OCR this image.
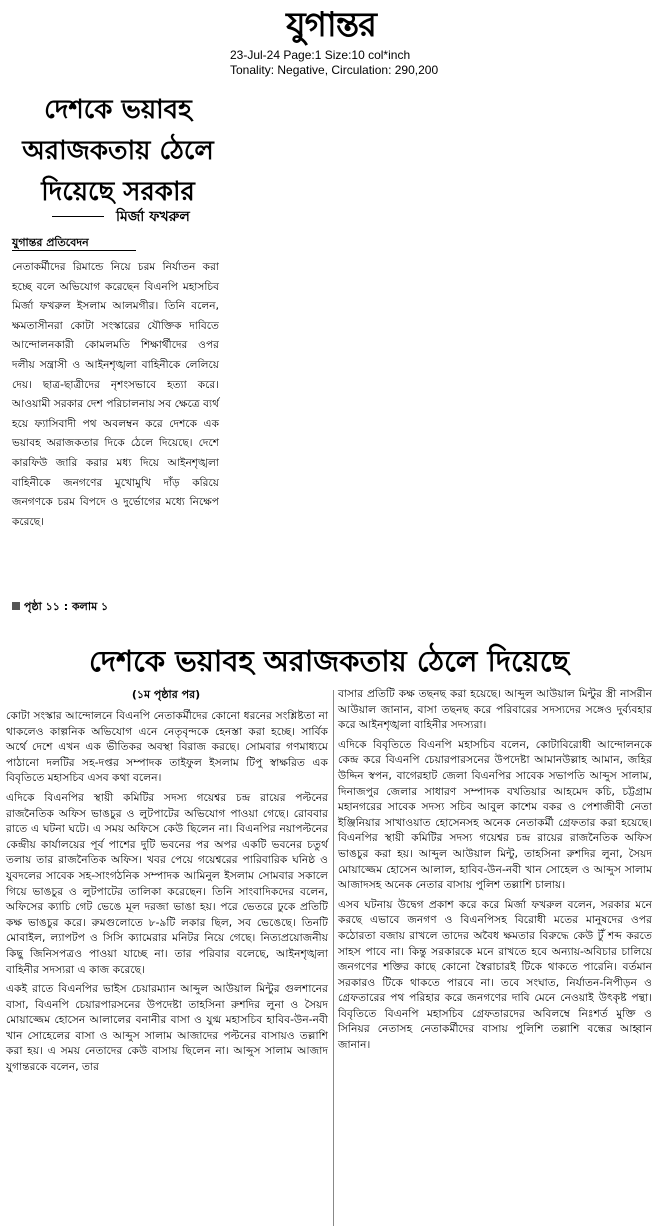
যুগান্তর
23-Jul-24 Page:1 Size:10 col*inch
Tonality: Negative, Circulation: 290,200
দেশকে ভয়াবহ
অরাজকতায় ঠেলে
দিয়েছে সরকার
মির্জা ফখরুল
যুগান্তর প্রতিবেদন
নেতাকর্মীদের রিমান্ডে নিয়ে চরম নির্যাতন করা হচ্ছে বলে অভিযোগ করেছেন বিএনপি মহাসচিব মির্জা ফখরুল ইসলাম আলমগীর। তিনি বলেন, ক্ষমতাসীনরা কোটা সংস্কারের যৌক্তিক দাবিতে আন্দোলনকারী কোমলমতি শিক্ষার্থীদের ওপর দলীয় সন্ত্রাসী ও আইনশৃঙ্খলা বাহিনীকে লেলিয়ে দেয়। ছাত্র-ছাত্রীদের নৃশংসভাবে হত্যা করে। আওয়ামী সরকার দেশ পরিচালনায় সব ক্ষেত্রে ব্যর্থ হয়ে ফ্যাসিবাদী পথ অবলম্বন করে দেশকে এক ভয়াবহ অরাজকতার দিকে ঠেলে দিয়েছে। দেশে কারফিউ জারি করার মধ্য দিয়ে আইনশৃঙ্খলা বাহিনীকে জনগণের মুখোমুখি দাঁড় করিয়ে জনগণকে চরম বিপদে ও দুর্ভোগের মধ্যে নিক্ষেপ করেছে।
পৃষ্ঠা ১১ : কলাম ১
দেশকে ভয়াবহ অরাজকতায় ঠেলে দিয়েছে
(১ম পৃষ্ঠার পর)

কোটা সংস্কার আন্দোলনে বিএনপি নেতাকর্মীদের কোনো ধরনের সংশ্লিষ্টতা না থাকলেও কাল্পনিক অভিযোগ এনে নেতৃবৃন্দকে হেনস্তা করা হচ্ছে। সার্বিক অর্থে দেশে এখন এক ভীতিকর অবস্থা বিরাজ করছে। সোমবার গণমাধ্যমে পাঠানো দলটির সহ-দপ্তর সম্পাদক তাইফুল ইসলাম টিপু স্বাক্ষরিত এক বিবৃতিতে মহাসচিব এসব কথা বলেন।

এদিকে বিএনপির স্থায়ী কমিটির সদস্য গয়েশ্বর চন্দ্র রায়ের পল্টনের রাজনৈতিক অফিস ভাঙচুর ও লুটপাটের অভিযোগ পাওয়া গেছে। রোববার রাতে এ ঘটনা ঘটে। এ সময় অফিসে কেউ ছিলেন না। বিএনপির নয়াপল্টনের কেন্দ্রীয় কার্যালয়ের পূর্ব পাশের দুটি ভবনের পর অপর একটি ভবনের চতুর্থ তলায় তার রাজনৈতিক অফিস। খবর পেয়ে গয়েশ্বরের পারিবারিক ঘনিষ্ঠ ও যুবদলের সাবেক সহ-সাংগঠনিক সম্পাদক আমিনুল ইসলাম সোমবার সকালে গিয়ে ভাঙচুর ও লুটপাটের তালিকা করেছেন। তিনি সাংবাদিকদের বলেন, অফিসের ক্যাচি গেট ভেঙে মূল দরজা ভাঙা হয়। পরে ভেতরে ঢুকে প্রতিটি কক্ষ ভাঙচুর করে। রুমগুলোতে ৮-৯টি লকার ছিল, সব ভেঙেছে। তিনটি মোবাইল, ল্যাপটপ ও সিসি ক্যামেরার মনিটর নিয়ে গেছে। নিত্যপ্রয়োজনীয় কিছু জিনিসপত্রও পাওয়া যাচ্ছে না। তার পরিবার বলেছে, আইনশৃঙ্খলা বাহিনীর সদস্যরা এ কাজ করেছে।

একই রাতে বিএনপির ভাইস চেয়ারম্যান আব্দুল আউয়াল মিন্টুর গুলশানের বাসা, বিএনপি চেয়ারপারসনের উপদেষ্টা তাহসিনা রুশদির লুনা ও সৈয়দ মোয়াজ্জেম হোসেন আলালের বনানীর বাসা ও যুগ্ম মহাসচিব হাবিব-উন-নবী খান সোহেলের বাসা ও আব্দুস সালাম আজাদের পল্টনের বাসায়ও তল্লাশি করা হয়। এ সময় নেতাদের কেউ বাসায় ছিলেন না। আব্দুস সালাম আজাদ যুগান্তরকে বলেন, তার

বাসার প্রতিটি কক্ষ তছনছ করা হয়েছে। আব্দুল আউয়াল মিন্টুর স্ত্রী নাসরীন আউয়াল জানান, বাসা তছনছ করে পরিবারের সদস্যদের সঙ্গেও দুর্ব্যবহার করে আইনশৃঙ্খলা বাহিনীর সদস্যরা।

এদিকে বিবৃতিতে বিএনপি মহাসচিব বলেন, কোটাবিরোধী আন্দোলনকে কেন্দ্র করে বিএনপি চেয়ারপারসনের উপদেষ্টা আমানউল্লাহ আমান, জহির উদ্দিন স্বপন, বাগেরহাট জেলা বিএনপির সাবেক সভাপতি আব্দুস সালাম, দিনাজপুর জেলার সাধারণ সম্পাদক বখতিয়ার আহমেদ কচি, চট্টগ্রাম মহানগরের সাবেক সদস্য সচিব আবুল কাশেম বকর ও পেশাজীবী নেতা ইঞ্জিনিয়ার সাখাওয়াত হোসেনসহ অনেক নেতাকর্মী গ্রেফতার করা হয়েছে। বিএনপির স্থায়ী কমিটির সদস্য গয়েশ্বর চন্দ্র রায়ের রাজনৈতিক অফিস ভাঙচুর করা হয়। আব্দুল আউয়াল মিন্টু, তাহসিনা রুশদির লুনা, সৈয়দ মোয়াজ্জেম হোসেন আলাল, হাবিব-উন-নবী খান সোহেল ও আব্দুস সালাম আজাদসহ অনেক নেতার বাসায় পুলিশ তল্লাশি চালায়।

এসব ঘটনায় উদ্বেগ প্রকাশ করে করে মির্জা ফখরুল বলেন, সরকার মনে করছে এভাবে জনগণ ও বিএনপিসহ বিরোধী মতের মানুষদের ওপর কঠোরতা বজায় রাখলে তাদের অবৈধ ক্ষমতার বিরুদ্ধে কেউ টুঁ শব্দ করতে সাহস পাবে না। কিন্তু সরকারকে মনে রাখতে হবে অন্যায়-অবিচার চালিয়ে জনগণের শক্তির কাছে কোনো স্বৈরাচারই টিকে থাকতে পারেনি। বর্তমান সরকারও টিকে থাকতে পারবে না। তবে সংঘাত, নির্যাতন-নিপীড়ন ও গ্রেফতারের পথ পরিহার করে জনগণের দাবি মেনে নেওয়াই উৎকৃষ্ট পন্থা। বিবৃতিতে বিএনপি মহাসচিব গ্রেফতারদের অবিলম্বে নিঃশর্ত মুক্তি ও সিনিয়র নেতাসহ নেতাকর্মীদের বাসায় পুলিশি তল্লাশি বন্ধের আহ্বান জানান।
